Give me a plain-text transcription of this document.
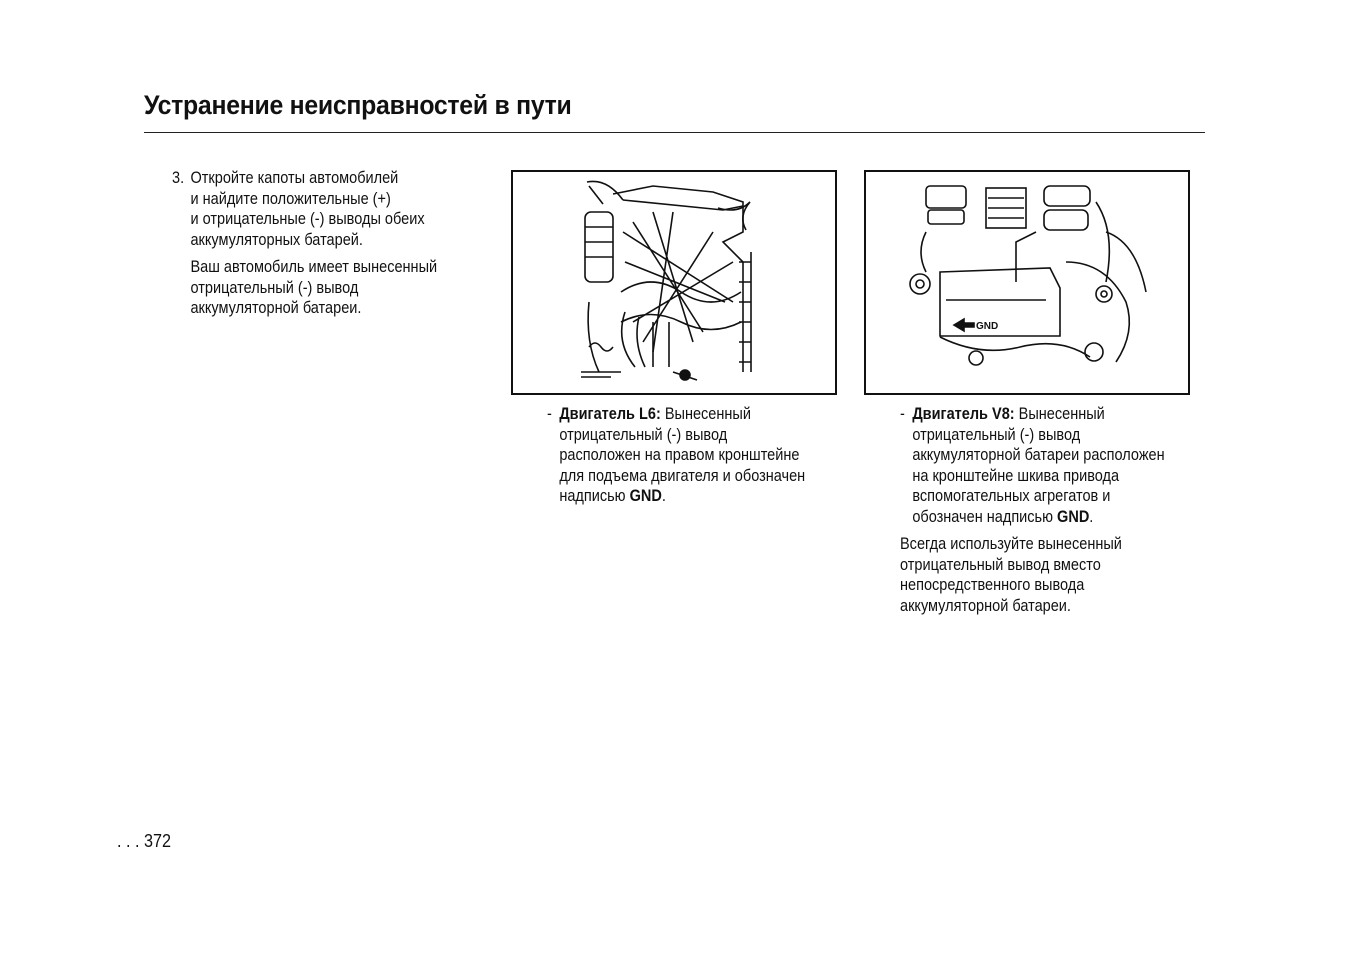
Устранение неисправностей в пути
3. Откройте капоты автомобилей
и найдите положительные (+)
и отрицательные (-) выводы обеих
аккумуляторных батарей.

Ваш автомобиль имеет вынесенный
отрицательный (-) вывод
аккумуляторной батареи.

GND
- Двигатель L6: Вынесенный
отрицательный (-) вывод
расположен на правом кронштейне
для подъема двигателя и обозначен
надписью GND.
- Двигатель V8: Вынесенный
отрицательный (-) вывод
аккумуляторной батареи расположен
на кронштейне шкива привода
вспомогательных агрегатов и
обозначен надписью GND.
Всегда используйте вынесенный
отрицательный вывод вместо
непосредственного вывода
аккумуляторной батареи.
. . . 372
